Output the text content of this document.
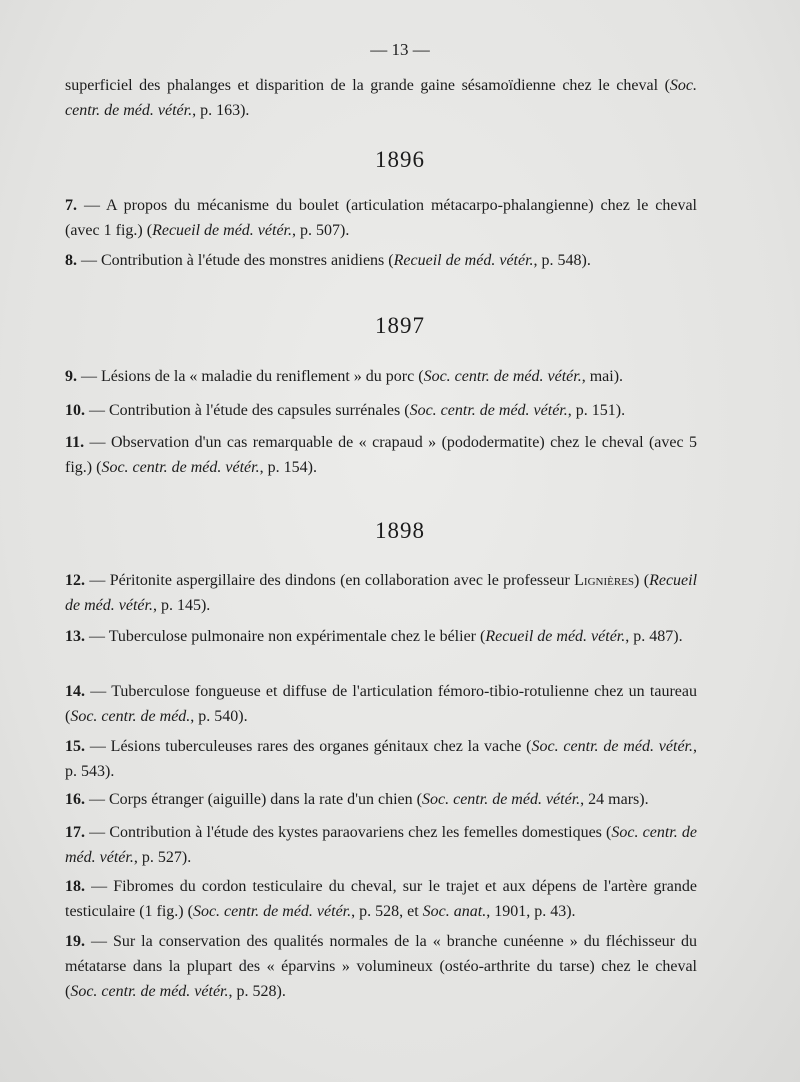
— 13 —
superficiel des phalanges et disparition de la grande gaine sésamoïdienne chez le cheval (Soc. centr. de méd. vétér., p. 163).
1896
7. — A propos du mécanisme du boulet (articulation métacarpo-phalangienne) chez le cheval (avec 1 fig.) (Recueil de méd. vétér., p. 507).
8. — Contribution à l'étude des monstres anidiens (Recueil de méd. vétér., p. 548).
1897
9. — Lésions de la « maladie du reniflement » du porc (Soc. centr. de méd. vétér., mai).
10. — Contribution à l'étude des capsules surrénales (Soc. centr. de méd. vétér., p. 151).
11. — Observation d'un cas remarquable de « crapaud » (pododermatite) chez le cheval (avec 5 fig.) (Soc. centr. de méd. vétér., p. 154).
1898
12. — Péritonite aspergillaire des dindons (en collaboration avec le professeur Lignières) (Recueil de méd. vétér., p. 145).
13. — Tuberculose pulmonaire non expérimentale chez le bélier (Recueil de méd. vétér., p. 487).
14. — Tuberculose fongueuse et diffuse de l'articulation fémoro-tibio-rotulienne chez un taureau (Soc. centr. de méd., p. 540).
15. — Lésions tuberculeuses rares des organes génitaux chez la vache (Soc. centr. de méd. vétér., p. 543).
16. — Corps étranger (aiguille) dans la rate d'un chien (Soc. centr. de méd. vétér., 24 mars).
17. — Contribution à l'étude des kystes paraovariens chez les femelles domestiques (Soc. centr. de méd. vétér., p. 527).
18. — Fibromes du cordon testiculaire du cheval, sur le trajet et aux dépens de l'artère grande testiculaire (1 fig.) (Soc. centr. de méd. vétér., p. 528, et Soc. anat., 1901, p. 43).
19. — Sur la conservation des qualités normales de la « branche cunéenne » du fléchisseur du métatarse dans la plupart des « éparvins » volumineux (ostéo-arthrite du tarse) chez le cheval (Soc. centr. de méd. vétér., p. 528).
